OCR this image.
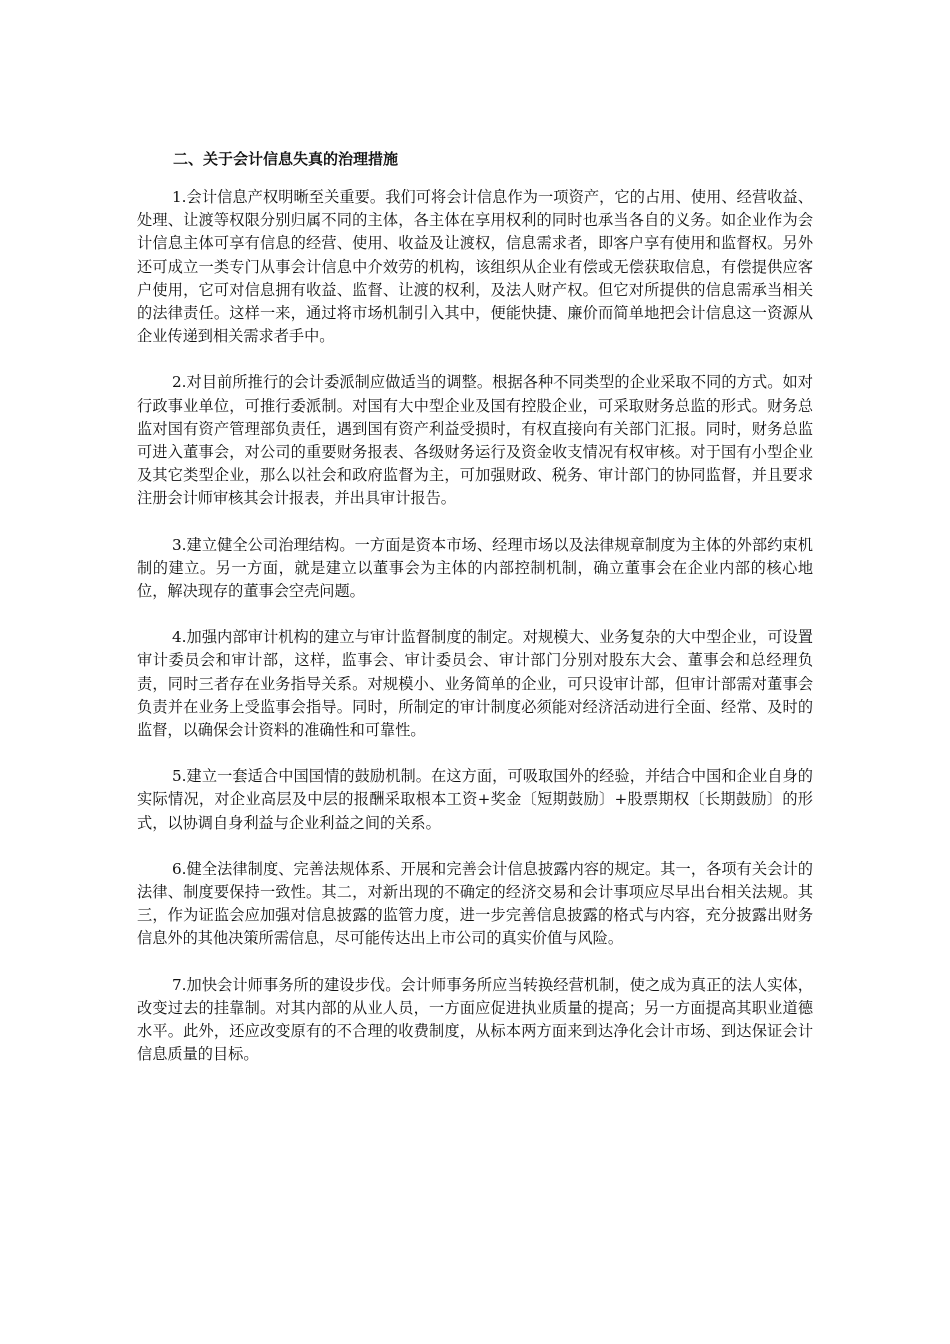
二、关于会计信息失真的治理措施

1.会计信息产权明晰至关重要。我们可将会计信息作为一项资产，它的占用、使用、经营收益、处理、让渡等权限分别归属不同的主体，各主体在享用权利的同时也承当各自的义务。如企业作为会计信息主体可享有信息的经营、使用、收益及让渡权，信息需求者，即客户享有使用和监督权。另外还可成立一类专门从事会计信息中介效劳的机构，该组织从企业有偿或无偿获取信息，有偿提供应客户使用，它可对信息拥有收益、监督、让渡的权利，及法人财产权。但它对所提供的信息需承当相关的法律责任。这样一来，通过将市场机制引入其中，便能快捷、廉价而简单地把会计信息这一资源从企业传递到相关需求者手中。

2.对目前所推行的会计委派制应做适当的调整。根据各种不同类型的企业采取不同的方式。如对行政事业单位，可推行委派制。对国有大中型企业及国有控股企业，可采取财务总监的形式。财务总监对国有资产管理部负责任，遇到国有资产利益受损时，有权直接向有关部门汇报。同时，财务总监可进入董事会，对公司的重要财务报表、各级财务运行及资金收支情况有权审核。对于国有小型企业及其它类型企业，那么以社会和政府监督为主，可加强财政、税务、审计部门的协同监督，并且要求注册会计师审核其会计报表，并出具审计报告。

3.建立健全公司治理结构。一方面是资本市场、经理市场以及法律规章制度为主体的外部约束机制的建立。另一方面，就是建立以董事会为主体的内部控制机制，确立董事会在企业内部的核心地位，解决现存的董事会空壳问题。

4.加强内部审计机构的建立与审计监督制度的制定。对规模大、业务复杂的大中型企业，可设置审计委员会和审计部，这样，监事会、审计委员会、审计部门分别对股东大会、董事会和总经理负责，同时三者存在业务指导关系。对规模小、业务简单的企业，可只设审计部，但审计部需对董事会负责并在业务上受监事会指导。同时，所制定的审计制度必须能对经济活动进行全面、经常、及时的监督，以确保会计资料的准确性和可靠性。

5.建立一套适合中国国情的鼓励机制。在这方面，可吸取国外的经验，并结合中国和企业自身的实际情况，对企业高层及中层的报酬采取根本工资+奖金〔短期鼓励〕+股票期权〔长期鼓励〕的形式，以协调自身利益与企业利益之间的关系。

6.健全法律制度、完善法规体系、开展和完善会计信息披露内容的规定。其一，各项有关会计的法律、制度要保持一致性。其二，对新出现的不确定的经济交易和会计事项应尽早出台相关法规。其三，作为证监会应加强对信息披露的监管力度，进一步完善信息披露的格式与内容，充分披露出财务信息外的其他决策所需信息，尽可能传达出上市公司的真实价值与风险。

7.加快会计师事务所的建设步伐。会计师事务所应当转换经营机制，使之成为真正的法人实体，改变过去的挂靠制。对其内部的从业人员，一方面应促进执业质量的提高；另一方面提高其职业道德水平。此外，还应改变原有的不合理的收费制度，从标本两方面来到达净化会计市场、到达保证会计信息质量的目标。
